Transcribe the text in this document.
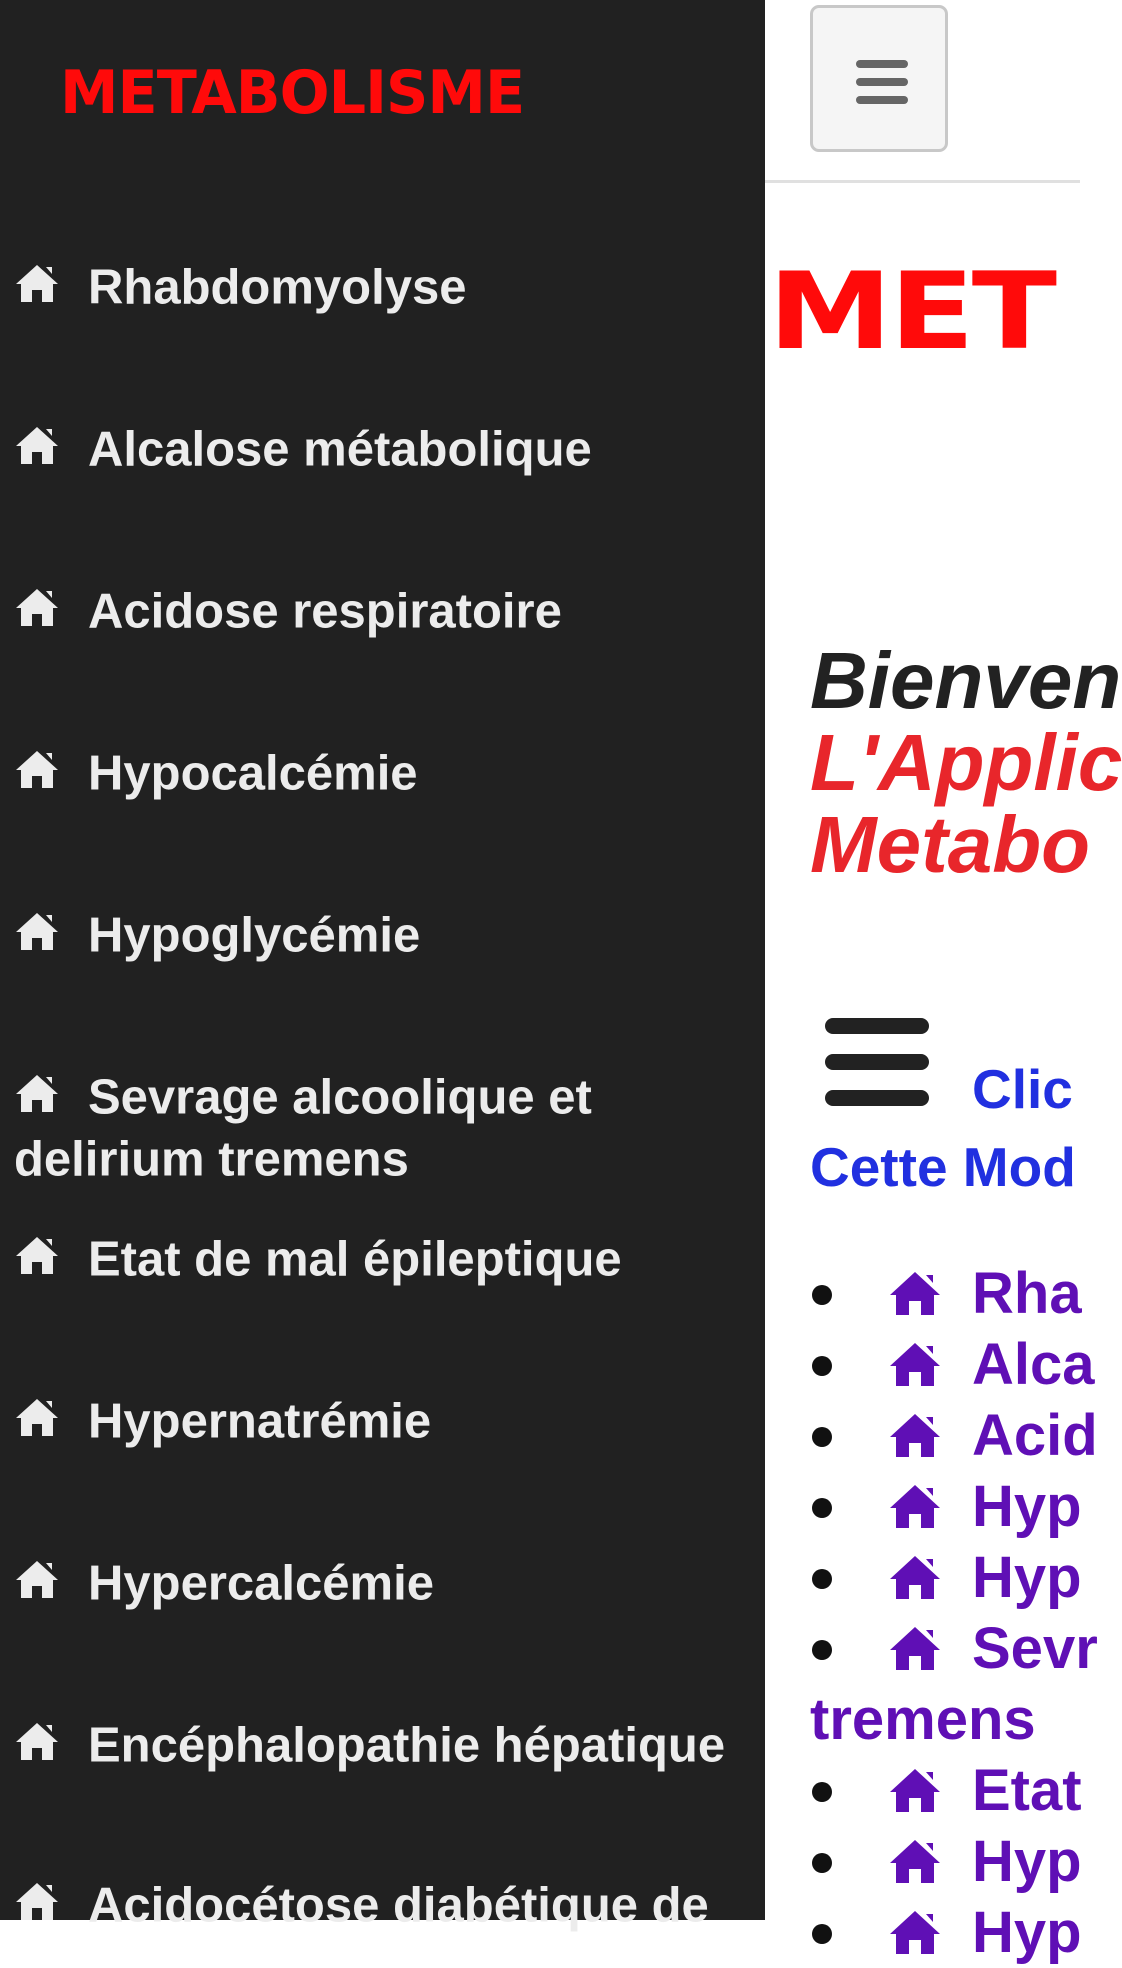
MET
Bienven
L'Applic
Metabo
Clic
Cette Mod
Rha
Alca
Acid
Hyp
Hyp
Sevr
tremens
Etat
Hyp
Hyp
METABOLISME
Rhabdomyolyse
Alcalose métabolique
Acidose respiratoire
Hypocalcémie
Hypoglycémie
Sevrage alcoolique et
delirium tremens
Etat de mal épileptique
Hypernatrémie
Hypercalcémie
Encéphalopathie hépatique
Acidocétose diabétique de
